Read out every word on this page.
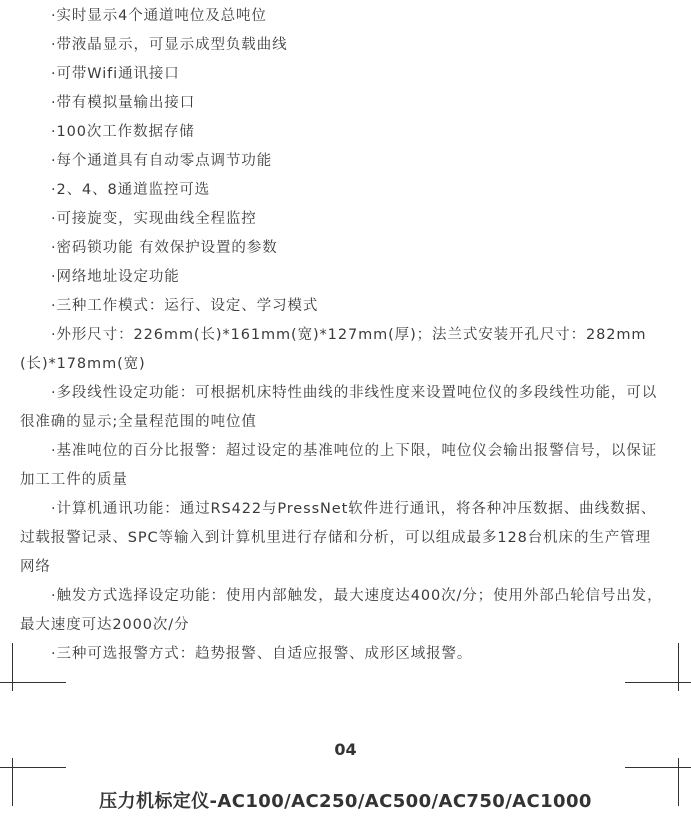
·实时显示4个通道吨位及总吨位

·带液晶显示，可显示成型负载曲线

·可带Wifi通讯接口

·带有模拟量输出接口

·100次工作数据存储

·每个通道具有自动零点调节功能

·2、4、8通道监控可选

·可接旋变，实现曲线全程监控

·密码锁功能 有效保护设置的参数

·网络地址设定功能

·三种工作模式：运行、设定、学习模式

·外形尺寸：226mm(长)*161mm(宽)*127mm(厚)；法兰式安装开孔尺寸：282mm(长)*178mm(宽)

·多段线性设定功能：可根据机床特性曲线的非线性度来设置吨位仪的多段线性功能，可以很准确的显示;全量程范围的吨位值

·基准吨位的百分比报警：超过设定的基准吨位的上下限，吨位仪会输出报警信号，以保证加工工件的质量

·计算机通讯功能：通过RS422与PressNet软件进行通讯，将各种冲压数据、曲线数据、过载报警记录、SPC等输入到计算机里进行存储和分析，可以组成最多128台机床的生产管理网络

·触发方式选择设定功能：使用内部触发，最大速度达400次/分；使用外部凸轮信号出发，最大速度可达2000次/分

·三种可选报警方式：趋势报警、自适应报警、成形区域报警。

04
压力机标定仪-AC100/AC250/AC500/AC750/AC1000
